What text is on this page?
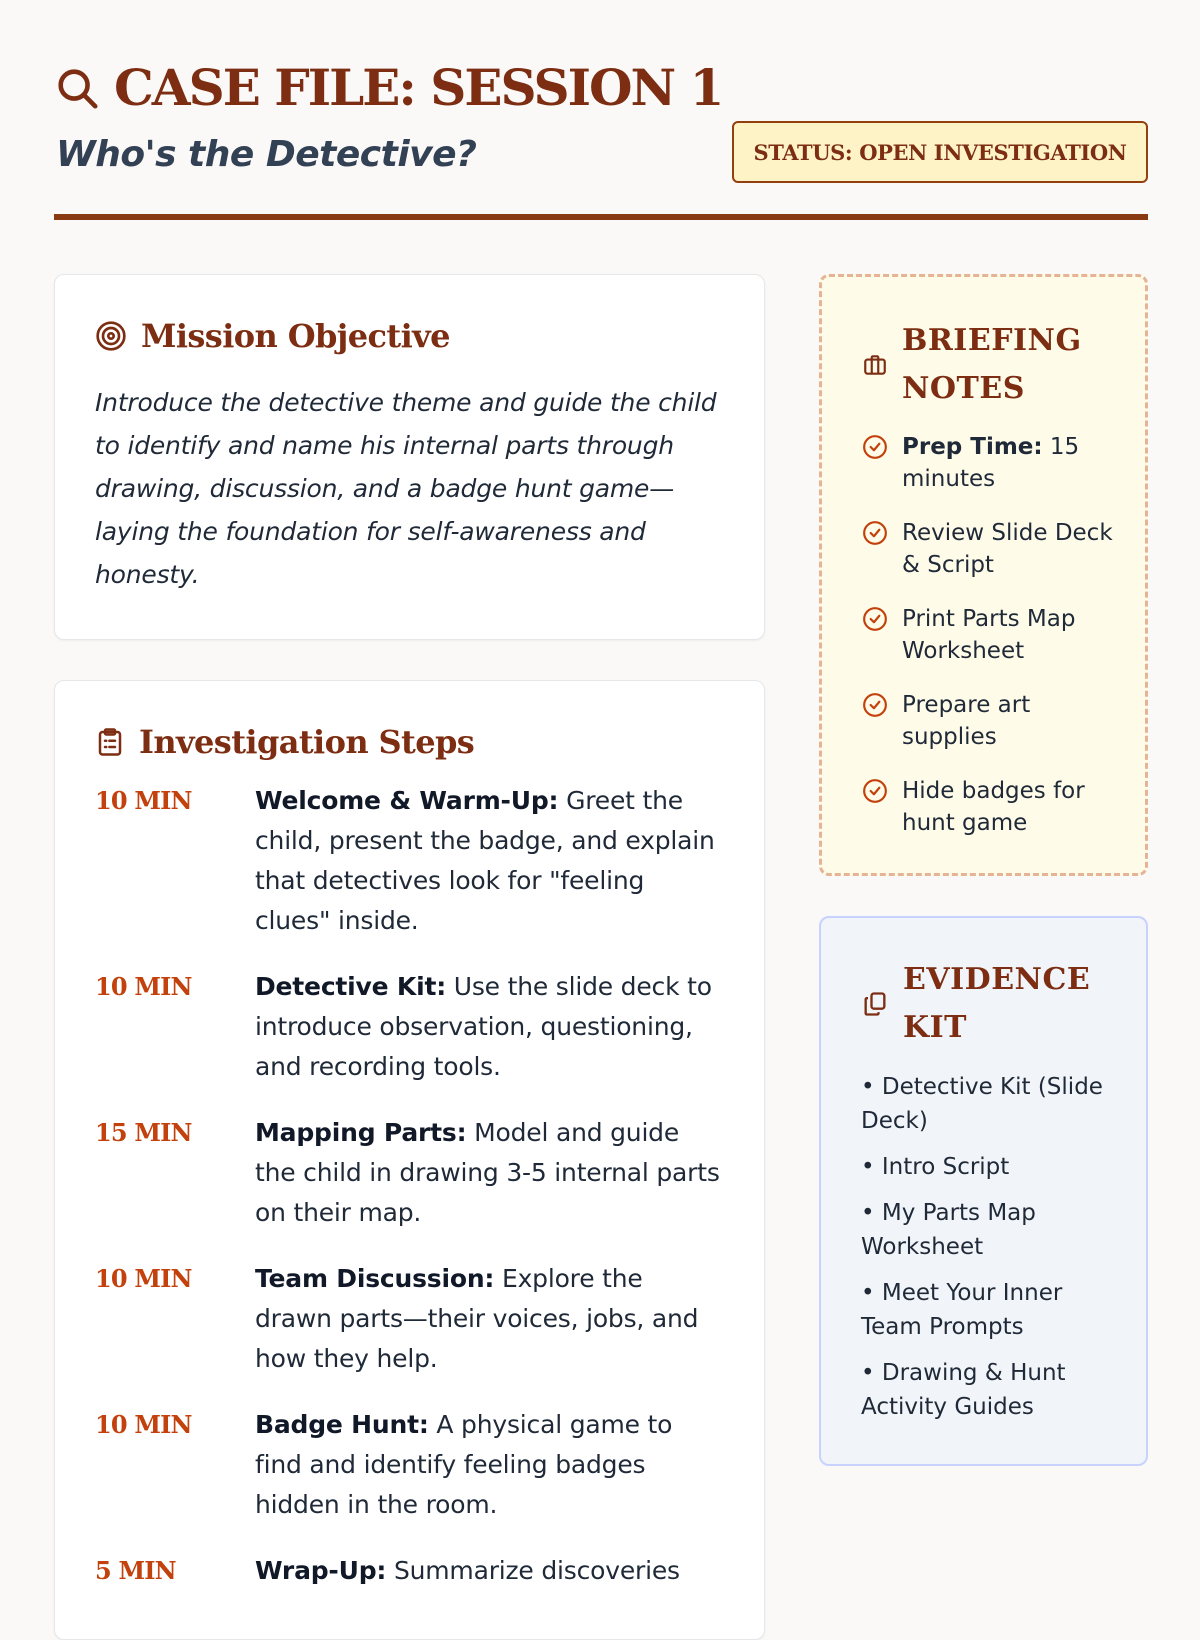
CASE FILE: SESSION 1
Who's the Detective?	STATUS: OPEN INVESTIGATION
Mission Objective
Introduce the detective theme and guide the child to identify and name his internal parts through drawing, discussion, and a badge hunt game—laying the foundation for self-awareness and honesty.
Investigation Steps
10 MIN	Welcome & Warm-Up: Greet the child, present the badge, and explain that detectives look for "feeling clues" inside.
10 MIN	Detective Kit: Use the slide deck to introduce observation, questioning, and recording tools.
15 MIN	Mapping Parts: Model and guide the child in drawing 3-5 internal parts on their map.
10 MIN	Team Discussion: Explore the drawn parts—their voices, jobs, and how they help.
10 MIN	Badge Hunt: A physical game to find and identify feeling badges hidden in the room.
5 MIN	Wrap-Up: Summarize discoveries
BRIEFING NOTES
Prep Time: 15 minutes
Review Slide Deck & Script
Print Parts Map Worksheet
Prepare art supplies
Hide badges for hunt game
EVIDENCE KIT
• Detective Kit (Slide Deck)
• Intro Script
• My Parts Map Worksheet
• Meet Your Inner Team Prompts
• Drawing & Hunt Activity Guides
